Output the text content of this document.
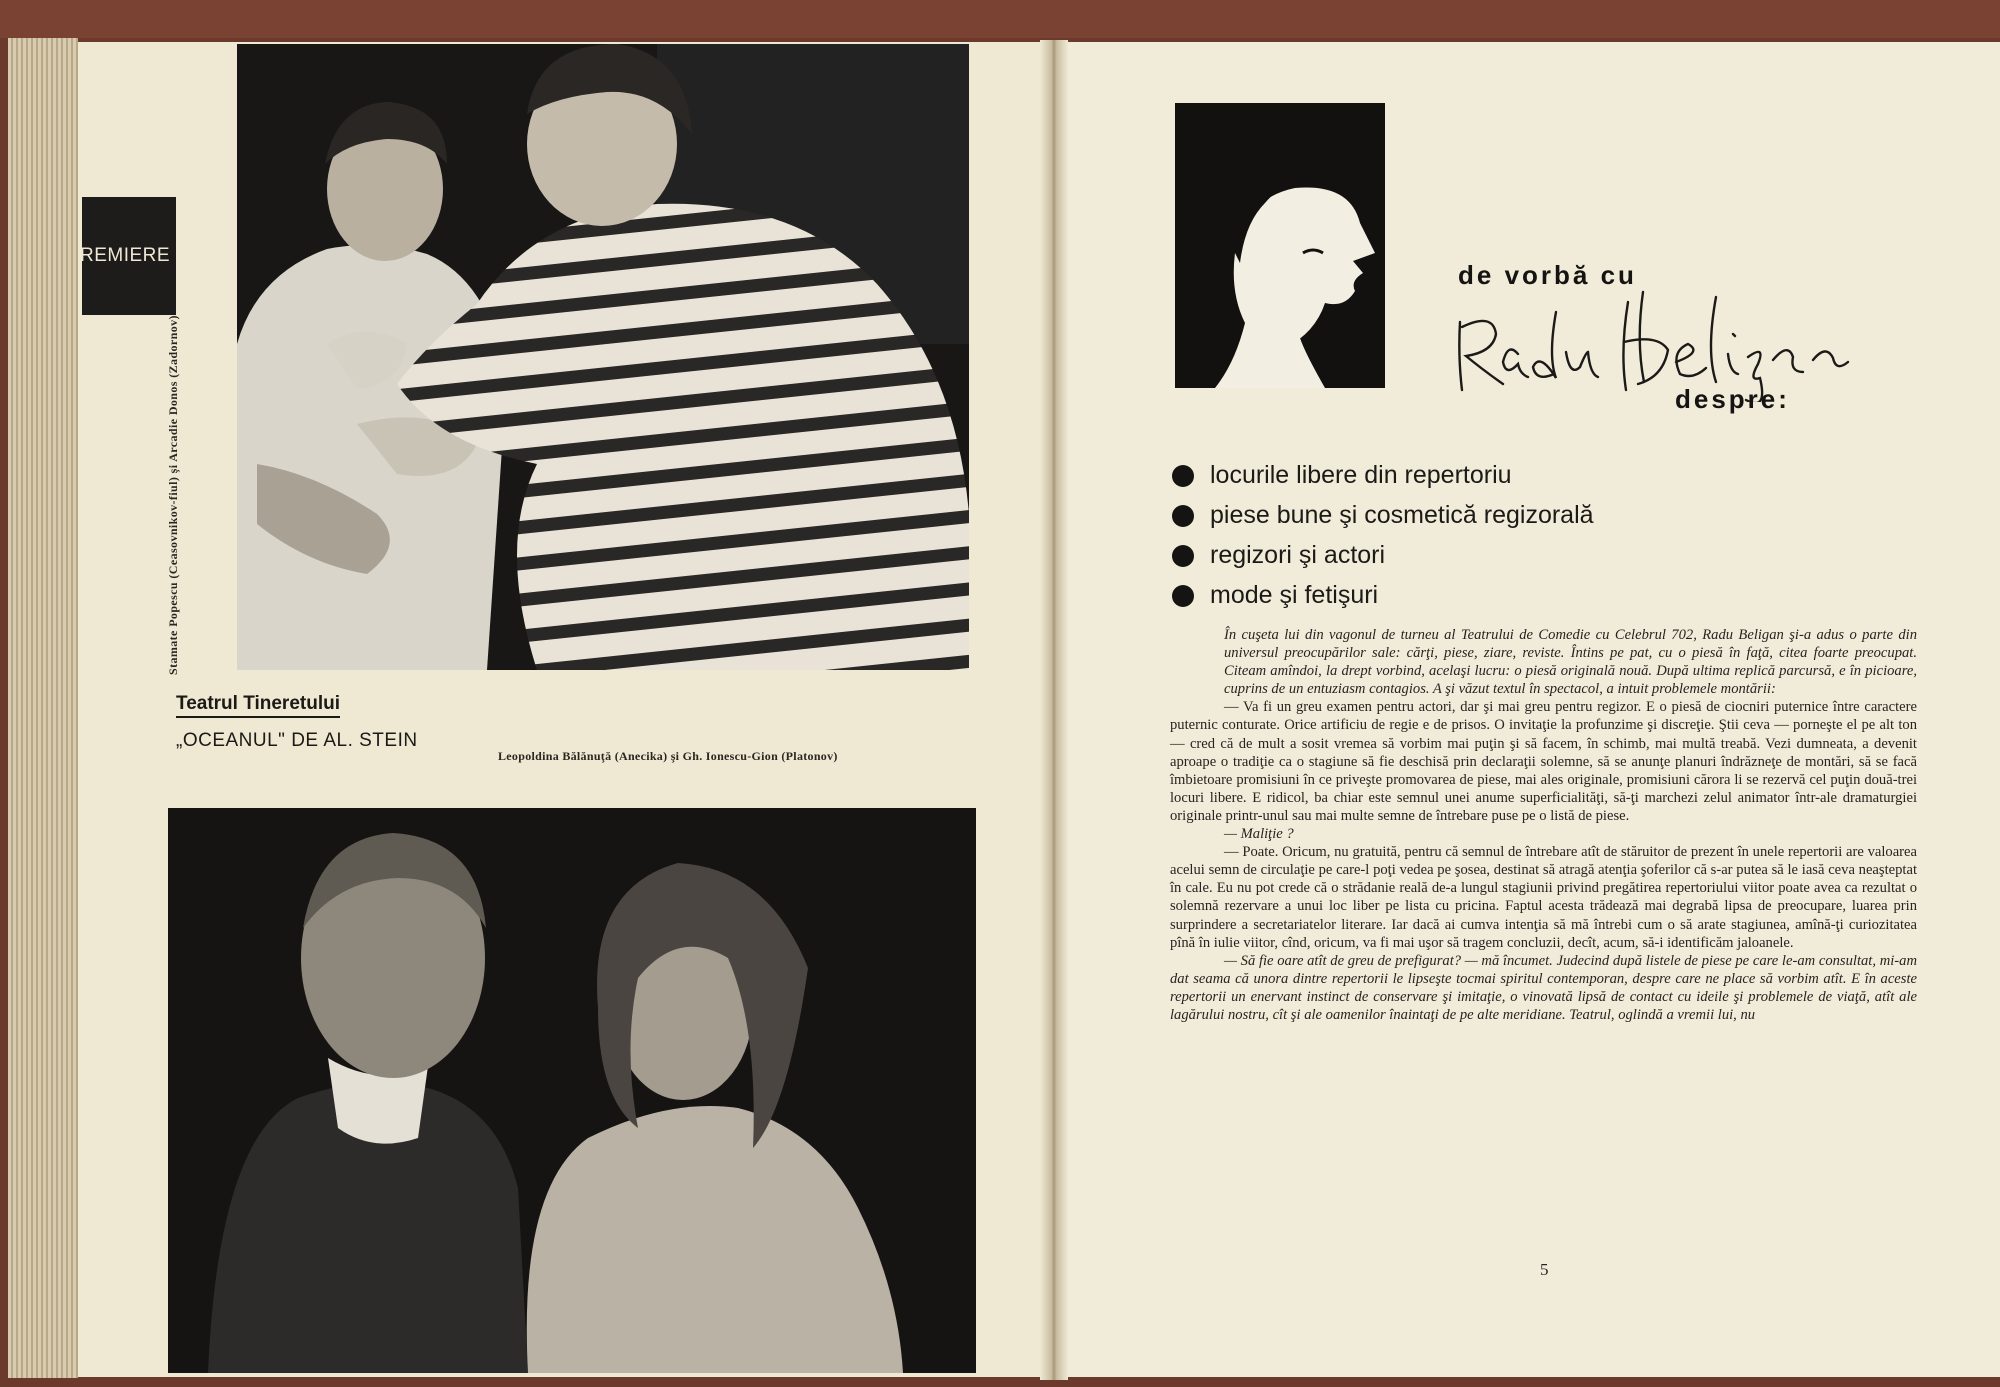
REMIERE
Stamate Popescu (Ceasovnikov-fiul) şi Arcadie Donos (Zadornov)
Teatrul Tineretului
„OCEANUL" DE AL. STEIN
Leopoldina Bălănuţă (Anecika) şi Gh. Ionescu-Gion (Platonov)
de vorbă cu
Radu Beligan
despre:
locurile libere din repertoriu
piese bune şi cosmetică regizorală
regizori şi actori
mode şi fetişuri

În cuşeta lui din vagonul de turneu al Teatrului de Comedie cu Celebrul 702, Radu Beligan şi-a adus o parte din universul preocupărilor sale: cărţi, piese, ziare, reviste. Întins pe pat, cu o piesă în faţă, citea foarte preocupat. Citeam amîndoi, la drept vorbind, acelaşi lucru: o piesă originală nouă. După ultima replică parcursă, e în picioare, cuprins de un entuziasm contagios. A şi văzut textul în spectacol, a intuit problemele montării:

— Va fi un greu examen pentru actori, dar şi mai greu pentru regizor. E o piesă de ciocniri puternice între caractere puternic conturate. Orice artificiu de regie e de prisos. O invitaţie la profunzime şi discreţie. Ştii ceva — porneşte el pe alt ton — cred că de mult a sosit vremea să vorbim mai puţin şi să facem, în schimb, mai multă treabă. Vezi dumneata, a devenit aproape o tradiţie ca o stagiune să fie deschisă prin declaraţii solemne, să se anunţe planuri îndrăzneţe de montări, să se facă îmbietoare promisiuni în ce priveşte promovarea de piese, mai ales originale, promisiuni cărora li se rezervă cel puţin două-trei locuri libere. E ridicol, ba chiar este semnul unei anume superficialităţi, să-ţi marchezi zelul animator într-ale dramaturgiei originale printr-unul sau mai multe semne de întrebare puse pe o listă de piese.

— Maliţie ?

— Poate. Oricum, nu gratuită, pentru că semnul de întrebare atît de stăruitor de prezent în unele repertorii are valoarea acelui semn de circulaţie pe care-l poţi vedea pe şosea, destinat să atragă atenţia şoferilor că s-ar putea să le iasă ceva neaşteptat în cale. Eu nu pot crede că o strădanie reală de-a lungul stagiunii privind pregătirea repertoriului viitor poate avea ca rezultat o solemnă rezervare a unui loc liber pe lista cu pricina. Faptul acesta trădează mai degrabă lipsa de preocupare, luarea prin surprindere a secretariatelor literare. Iar dacă ai cumva intenţia să mă întrebi cum o să arate stagiunea, amînă-ţi curiozitatea pînă în iulie viitor, cînd, oricum, va fi mai uşor să tragem concluzii, decît, acum, să-i identificăm jaloanele.

— Să fie oare atît de greu de prefigurat? — mă încumet. Judecind după listele de piese pe care le-am consultat, mi-am dat seama că unora dintre repertorii le lipseşte tocmai spiritul contemporan, despre care ne place să vorbim atît. E în aceste repertorii un enervant instinct de conservare şi imitaţie, o vinovată lipsă de contact cu ideile şi problemele de viaţă, atît ale lagărului nostru, cît şi ale oamenilor înaintaţi de pe alte meridiane. Teatrul, oglindă a vremii lui, nu

5
